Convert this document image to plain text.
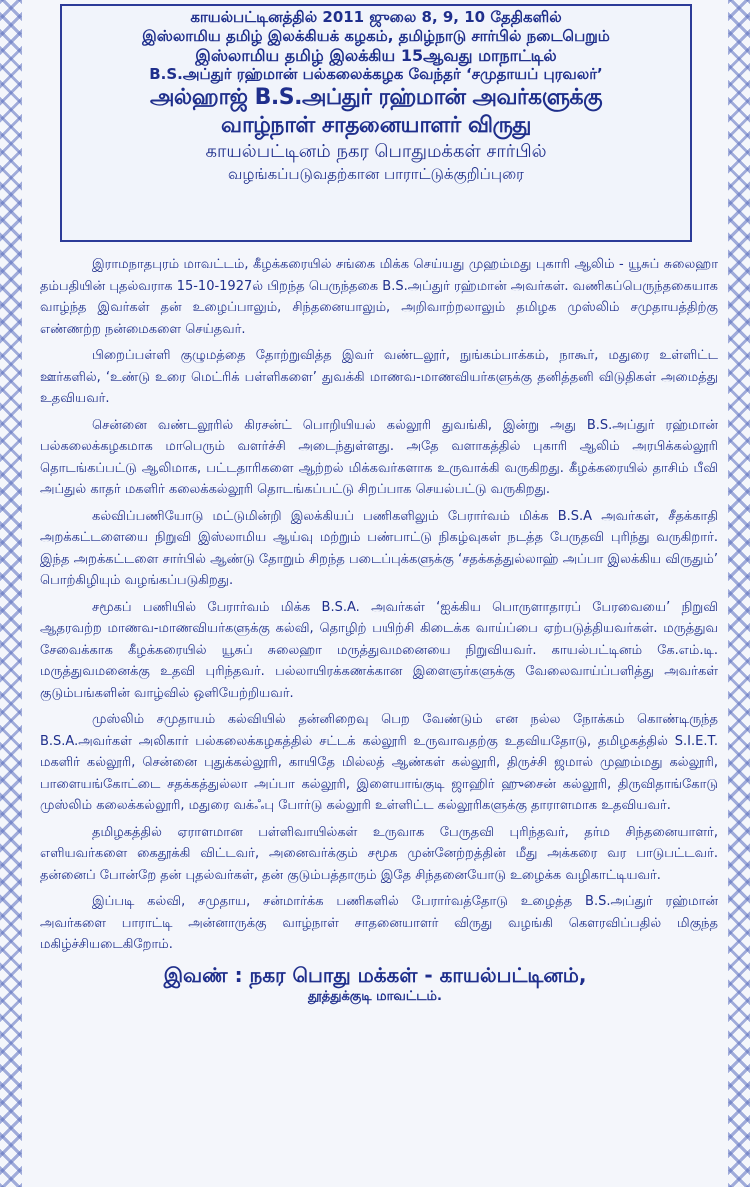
காயல்பட்டினத்தில் 2011 ஜுலை 8, 9, 10 தேதிகளில்
இஸ்லாமிய தமிழ் இலக்கியக் கழகம், தமிழ்நாடு சார்பில் நடைபெறும்
இஸ்லாமிய தமிழ் இலக்கிய 15ஆவது மாநாட்டில்
B.S.அப்துர் ரஹ்மான் பல்கலைக்கழக வேந்தர் ‘சமுதாயப் புரவலர்’
அல்ஹாஜ் B.S.அப்துர் ரஹ்மான் அவர்களுக்கு
வாழ்நாள் சாதனையாளர் விருது
காயல்பட்டினம் நகர பொதுமக்கள் சார்பில்
வழங்கப்படுவதற்கான பாராட்டுக்குறிப்புரை

இராமநாதபுரம் மாவட்டம், கீழக்கரையில் சங்கை மிக்க செய்யது முஹம்மது புகாரி ஆலிம் - யூசுப் சுலைஹா தம்பதியின் புதல்வராக 15-10-1927ல் பிறந்த பெருந்தகை B.S.அப்துர் ரஹ்மான் அவர்கள். வணிகப்பெருந்தகையாக வாழ்ந்த இவர்கள் தன் உழைப்பாலும், சிந்தனையாலும், அறிவாற்றலாலும் தமிழக முஸ்லிம் சமுதாயத்திற்கு எண்ணற்ற நன்மைகளை செய்தவர்.

பிறைப்பள்ளி குழுமத்தை தோற்றுவித்த இவர் வண்டலூர், நுங்கம்பாக்கம், நாகூர், மதுரை உள்ளிட்ட ஊர்களில், ‘உண்டு உரை மெட்ரிக் பள்ளிகளை’ துவக்கி மாணவ-மாணவியர்களுக்கு தனித்தனி விடுதிகள் அமைத்து உதவியவர்.

சென்னை வண்டலூரில் கிரசன்ட் பொறியியல் கல்லூரி துவங்கி, இன்று அது B.S.அப்துர் ரஹ்மான் பல்கலைக்கழகமாக மாபெரும் வளர்ச்சி அடைந்துள்ளது. அதே வளாகத்தில் புகாரி ஆலிம் அரபிக்கல்லூரி தொடங்கப்பட்டு ஆலிமாக, பட்டதாரிகளை ஆற்றல் மிக்கவர்களாக உருவாக்கி வருகிறது. கீழக்கரையில் தாசிம் பீவி அப்துல் காதர் மகளிர் கலைக்கல்லூரி தொடங்கப்பட்டு சிறப்பாக செயல்பட்டு வருகிறது.

கல்விப்பணியோடு மட்டுமின்றி இலக்கியப் பணிகளிலும் பேரார்வம் மிக்க B.S.A அவர்கள், சீதக்காதி அறக்கட்டளையை நிறுவி இஸ்லாமிய ஆய்வு மற்றும் பண்பாட்டு நிகழ்வுகள் நடத்த பேருதவி புரிந்து வருகிறார். இந்த அறக்கட்டளை சார்பில் ஆண்டு தோறும் சிறந்த படைப்புக்களுக்கு ‘சதக்கத்துல்லாஹ் அப்பா இலக்கிய விருதும்’ பொற்கிழியும் வழங்கப்படுகிறது.

சமூகப் பணியில் பேரார்வம் மிக்க B.S.A. அவர்கள் ‘ஐக்கிய பொருளாதாரப் பேரவையை’ நிறுவி ஆதரவற்ற மாணவ-மாணவியர்களுக்கு கல்வி, தொழிற் பயிற்சி கிடைக்க வாய்ப்பை ஏற்படுத்தியவர்கள். மருத்துவ சேவைக்காக கீழக்கரையில் யூசுப் சுலைஹா மருத்துவமனையை நிறுவியவர். காயல்பட்டினம் கே.எம்.டி. மருத்துவமனைக்கு உதவி புரிந்தவர். பல்லாயிரக்கணக்கான இளைஞர்களுக்கு வேலைவாய்ப்பளித்து அவர்கள் குடும்பங்களின் வாழ்வில் ஒளியேற்றியவர்.

முஸ்லிம் சமுதாயம் கல்வியில் தன்னிறைவு பெற வேண்டும் என நல்ல நோக்கம் கொண்டிருந்த B.S.A.அவர்கள் அலிகார் பல்கலைக்கழகத்தில் சட்டக் கல்லூரி உருவாவதற்கு உதவியதோடு, தமிழகத்தில் S.I.E.T. மகளிர் கல்லூரி, சென்னை புதுக்கல்லூரி, காயிதே மில்லத் ஆண்கள் கல்லூரி, திருச்சி ஜமால் முஹம்மது கல்லூரி, பாளையங்கோட்டை சதக்கத்துல்லா அப்பா கல்லூரி, இளையாங்குடி ஜாஹிர் ஹுசைன் கல்லூரி, திருவிதாங்கோடு முஸ்லிம் கலைக்கல்லூரி, மதுரை வக்ஃபு போர்டு கல்லூரி உள்ளிட்ட கல்லூரிகளுக்கு தாராளமாக உதவியவர்.

தமிழகத்தில் ஏராளமான பள்ளிவாயில்கள் உருவாக பேருதவி புரிந்தவர், தர்ம சிந்தனையாளர், எளியவர்களை கைதூக்கி விட்டவர், அனைவர்க்கும் சமூக முன்னேற்றத்தின் மீது அக்கரை வர பாடுபட்டவர். தன்னைப் போன்றே தன் புதல்வர்கள், தன் குடும்பத்தாரும் இதே சிந்தனையோடு உழைக்க வழிகாட்டியவர்.

இப்படி கல்வி, சமுதாய, சன்மார்க்க பணிகளில் பேரார்வத்தோடு உழைத்த B.S.அப்துர் ரஹ்மான் அவர்களை பாராட்டி அன்னாருக்கு வாழ்நாள் சாதனையாளர் விருது வழங்கி கௌரவிப்பதில் மிகுந்த மகிழ்ச்சியடைகிறோம்.

இவண் : நகர பொது மக்கள் - காயல்பட்டினம்,
தூத்துக்குடி மாவட்டம்.
